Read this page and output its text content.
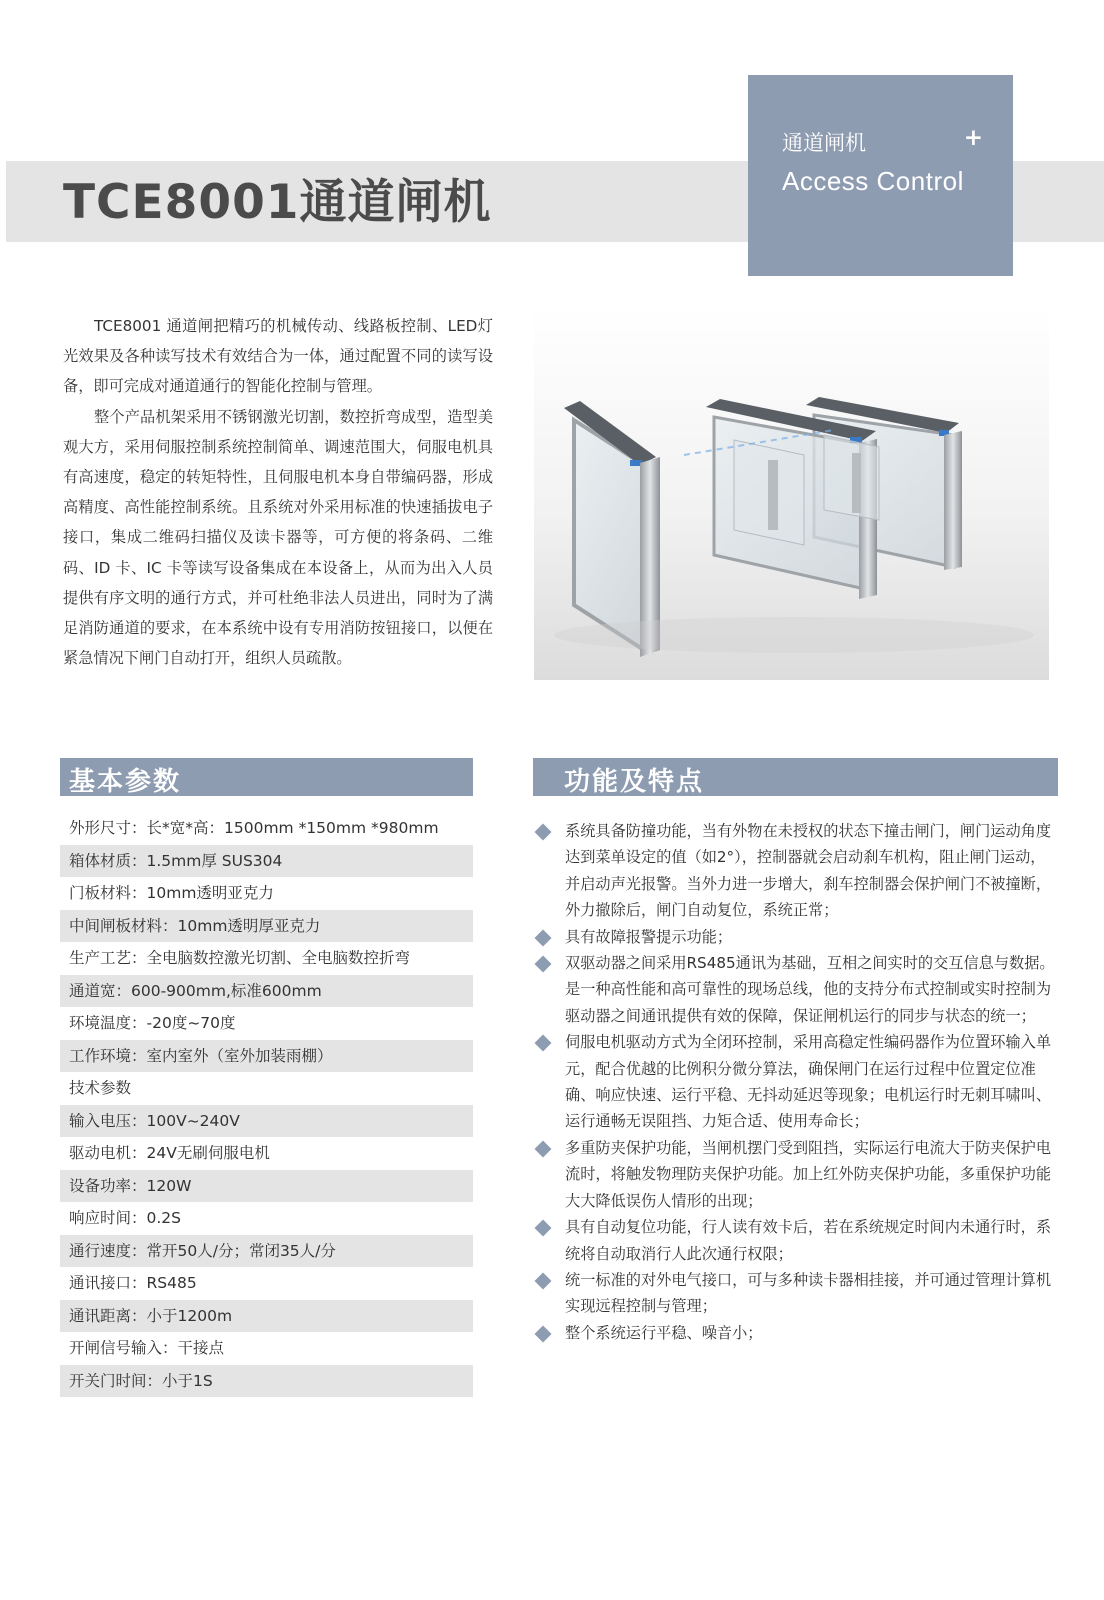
TCE8001通道闸机
通道闸机	+
Access Control

TCE8001 通道闸把精巧的机械传动、线路板控制、LED灯光效果及各种读写技术有效结合为一体，通过配置不同的读写设备，即可完成对通道通行的智能化控制与管理。

整个产品机架采用不锈钢激光切割，数控折弯成型，造型美观大方，采用伺服控制系统控制简单、调速范围大，伺服电机具有高速度，稳定的转矩特性，且伺服电机本身自带编码器，形成高精度、高性能控制系统。且系统对外采用标准的快速插拔电子接口，集成二维码扫描仪及读卡器等，可方便的将条码、二维码、ID 卡、IC 卡等读写设备集成在本设备上，从而为出入人员提供有序文明的通行方式，并可杜绝非法人员进出，同时为了满足消防通道的要求，在本系统中设有专用消防按钮接口，以便在紧急情况下闸门自动打开，组织人员疏散。

基本参数
外形尺寸：长*宽*高：1500mm *150mm *980mm
箱体材质：1.5mm厚 SUS304
门板材料：10mm透明亚克力
中间闸板材料：10mm透明厚亚克力
生产工艺：全电脑数控激光切割、全电脑数控折弯
通道宽：600-900mm,标准600mm
环境温度：-20度~70度
工作环境：室内室外（室外加装雨棚）
技术参数
输入电压：100V~240V
驱动电机：24V无刷伺服电机
设备功率：120W
响应时间：0.2S
通行速度：常开50人/分；常闭35人/分
通讯接口：RS485
通讯距离：小于1200m
开闸信号输入：干接点
开关门时间：小于1S
功能及特点
系统具备防撞功能，当有外物在未授权的状态下撞击闸门，闸门运动角度达到菜单设定的值（如2°），控制器就会启动刹车机构，阻止闸门运动，并启动声光报警。当外力进一步增大，刹车控制器会保护闸门不被撞断，外力撤除后，闸门自动复位，系统正常；
具有故障报警提示功能；
双驱动器之间采用RS485通讯为基础，互相之间实时的交互信息与数据。是一种高性能和高可靠性的现场总线，他的支持分布式控制或实时控制为驱动器之间通讯提供有效的保障，保证闸机运行的同步与状态的统一；
伺服电机驱动方式为全闭环控制，采用高稳定性编码器作为位置环输入单元，配合优越的比例积分微分算法，确保闸门在运行过程中位置定位准确、响应快速、运行平稳、无抖动延迟等现象；电机运行时无刺耳啸叫、运行通畅无误阻挡、力矩合适、使用寿命长；
多重防夹保护功能，当闸机摆门受到阻挡，实际运行电流大于防夹保护电流时，将触发物理防夹保护功能。加上红外防夹保护功能，多重保护功能大大降低误伤人情形的出现；
具有自动复位功能，行人读有效卡后，若在系统规定时间内未通行时，系统将自动取消行人此次通行权限；
统一标准的对外电气接口，可与多种读卡器相挂接，并可通过管理计算机实现远程控制与管理；
整个系统运行平稳、噪音小；
